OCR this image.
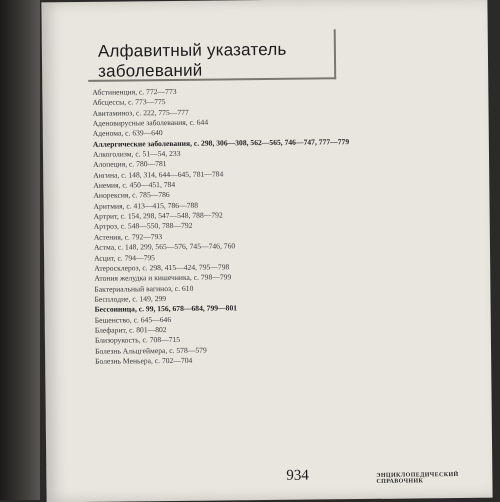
Алфавитный указатель
заболеваний
Абстиненция, с. 772—773
Абсцессы, с. 773—775
Авитаминоз, с. 222, 775—777
Аденовирусные заболевания, с. 644
Аденома, с. 639—640
Аллергические заболевания, с. 298, 306—308, 562—565, 746—747, 777—779
Алкоголизм, с. 51—54, 233
Алопеция, с. 780—781
Ангина, с. 148, 314, 644—645, 781—784
Анемия, с. 450—451, 784
Анорексия, с. 785—786
Аритмия, с. 413—415, 786—788
Артрит, с. 154, 298, 547—548, 788—792
Артроз, с. 548—550, 788—792
Астения, с. 792—793
Астма, с. 148, 299, 565—576, 745—746, 760
Асцит, с. 794—795
Атеросклероз, с. 298, 415—424, 795—798
Атония желудка и кишечника, с. 798—799
Бактериальный вагиноз, с. 610
Бесплодие, с. 149, 299
Бессонница, с. 99, 156, 678—684, 799—801
Бешенство, с. 645—646
Блефарит, с. 801—802
Близорукость, с. 708—715
Болезнь Альцгеймера, с. 578—579
Болезнь Меньера, с. 702—704
934	ЭНЦИКЛОПЕДИЧЕСКИЙ СПРАВОЧНИК
